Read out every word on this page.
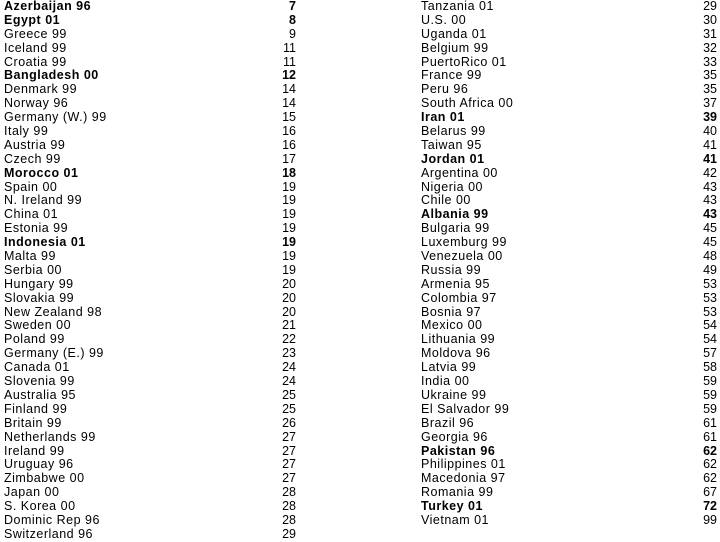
Azerbaijan 96	7
Egypt 01	8
Greece 99	9
Iceland 99	11
Croatia 99	11
Bangladesh 00	12
Denmark 99	14
Norway 96	14
Germany (W.) 99	15
Italy 99	16
Austria 99	16
Czech 99	17
Morocco 01	18
Spain 00	19
N. Ireland 99	19
China 01	19
Estonia 99	19
Indonesia 01	19
Malta 99	19
Serbia 00	19
Hungary 99	20
Slovakia 99	20
New Zealand 98	20
Sweden 00	21
Poland 99	22
Germany (E.) 99	23
Canada 01	24
Slovenia 99	24
Australia 95	25
Finland 99	25
Britain 99	26
Netherlands 99	27
Ireland 99	27
Uruguay 96	27
Zimbabwe 00	27
Japan 00	28
S. Korea 00	28
Dominic Rep 96	28
Switzerland 96	29
Tanzania 01	29
U.S. 00	30
Uganda 01	31
Belgium 99	32
PuertoRico 01	33
France 99	35
Peru 96	35
South Africa 00	37
Iran 01	39
Belarus 99	40
Taiwan 95	41
Jordan 01	41
Argentina 00	42
Nigeria 00	43
Chile 00	43
Albania 99	43
Bulgaria 99	45
Luxemburg 99	45
Venezuela 00	48
Russia 99	49
Armenia 95	53
Colombia 97	53
Bosnia 97	53
Mexico 00	54
Lithuania 99	54
Moldova 96	57
Latvia 99	58
India 00	59
Ukraine 99	59
El Salvador 99	59
Brazil 96	61
Georgia 96	61
Pakistan 96	62
Philippines 01	62
Macedonia 97	62
Romania 99	67
Turkey 01	72
Vietnam 01	99
